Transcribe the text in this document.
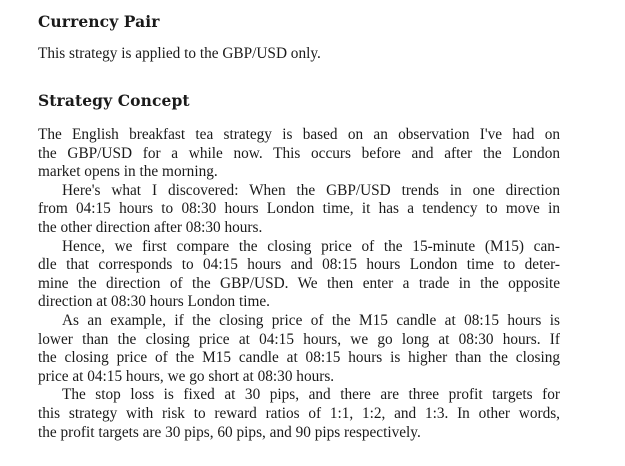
Currency Pair
This strategy is applied to the GBP/USD only.
Strategy Concept
The English breakfast tea strategy is based on an observation I've had on
the GBP/USD for a while now. This occurs before and after the London
market opens in the morning.
Here's what I discovered: When the GBP/USD trends in one direction
from 04:15 hours to 08:30 hours London time, it has a tendency to move in
the other direction after 08:30 hours.
Hence, we first compare the closing price of the 15-minute (M15) can-
dle that corresponds to 04:15 hours and 08:15 hours London time to deter-
mine the direction of the GBP/USD. We then enter a trade in the opposite
direction at 08:30 hours London time.
As an example, if the closing price of the M15 candle at 08:15 hours is
lower than the closing price at 04:15 hours, we go long at 08:30 hours. If
the closing price of the M15 candle at 08:15 hours is higher than the closing
price at 04:15 hours, we go short at 08:30 hours.
The stop loss is fixed at 30 pips, and there are three profit targets for
this strategy with risk to reward ratios of 1:1, 1:2, and 1:3. In other words,
the profit targets are 30 pips, 60 pips, and 90 pips respectively.
